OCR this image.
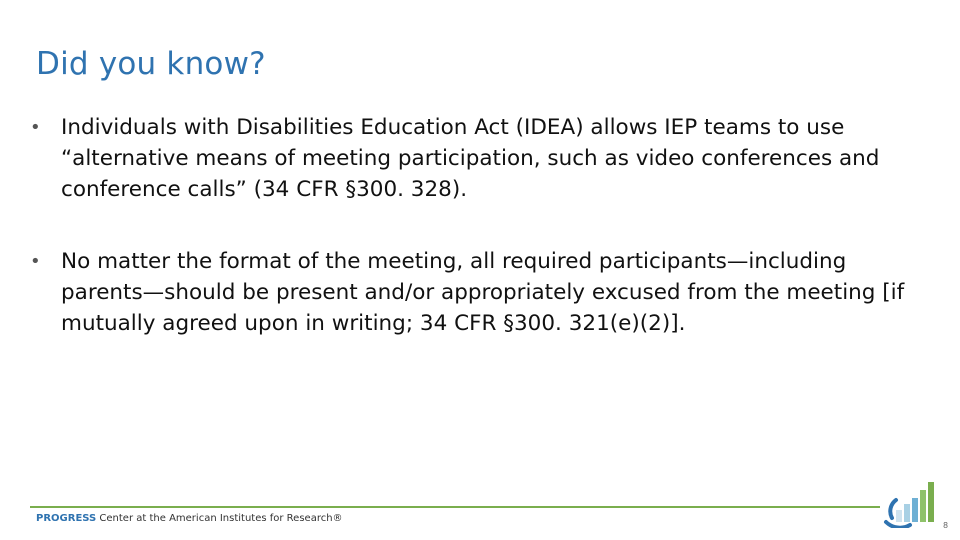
Did you know?
• Individuals with Disabilities Education Act (IDEA) allows IEP teams to use “alternative means of meeting participation, such as video conferences and conference calls” (34 CFR §300. 328).
• No matter the format of the meeting, all required participants—including parents—should be present and/or appropriately excused from the meeting [if mutually agreed upon in writing; 34 CFR §300. 321(e)(2)].
PROGRESS Center at the American Institutes for Research®
8
